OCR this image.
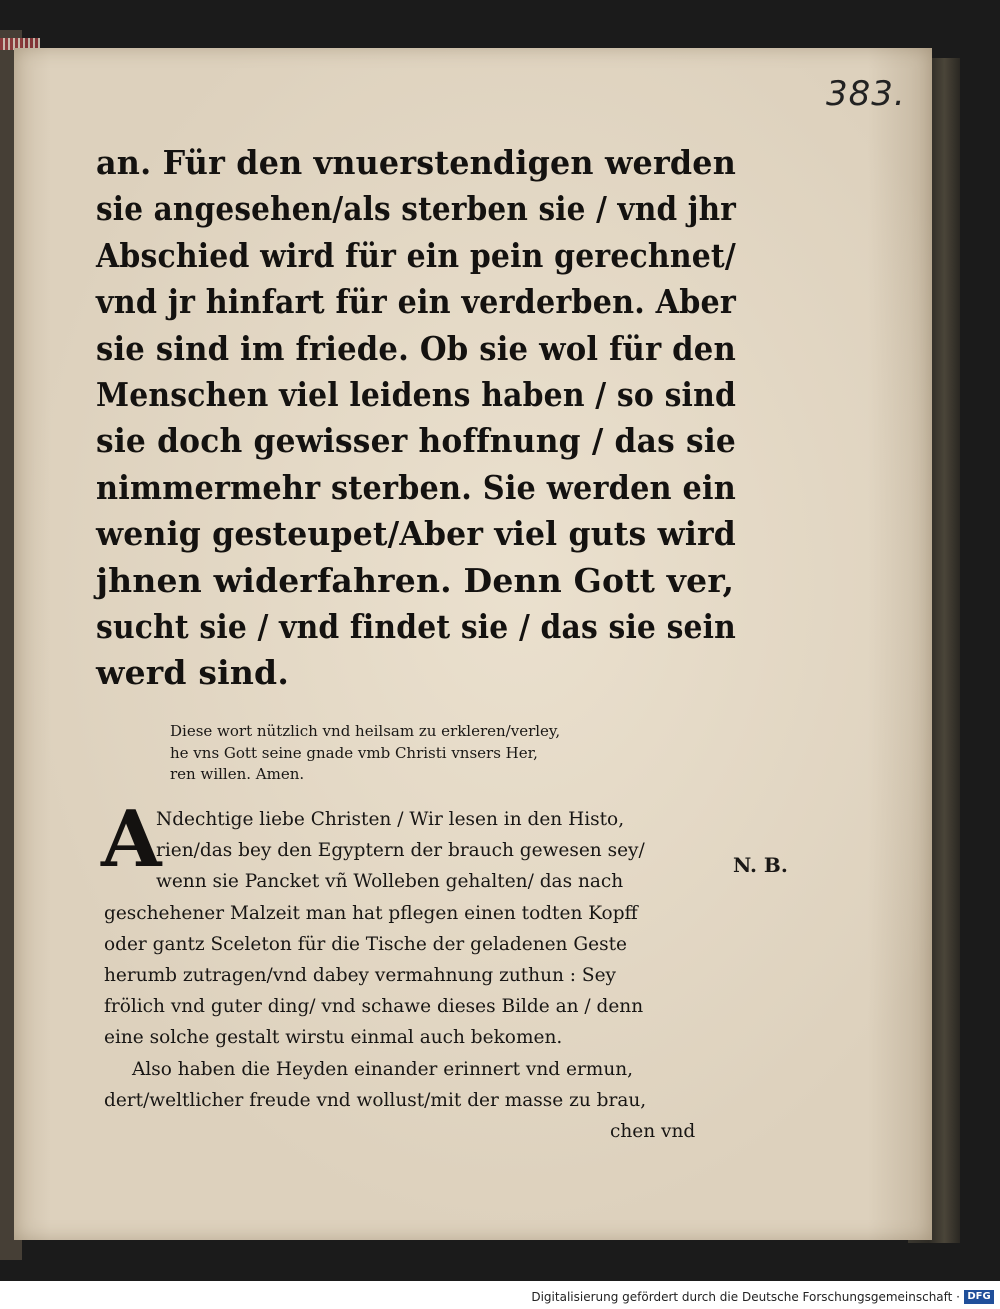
383.

an. Für den vnuerstendigen werden
sie angesehen/als sterben sie / vnd jhr
Abschied wird für ein pein gerechnet/
vnd jr hinfart für ein verderben. Aber
sie sind im friede. Ob sie wol für den
Menschen viel leidens haben / so sind
sie doch gewisser hoffnung / das sie
nimmermehr sterben. Sie werden ein
wenig gesteupet/Aber viel guts wird
jhnen widerfahren. Denn Gott ver,
sucht sie / vnd findet sie / das sie sein
werd sind.

Diese wort nützlich vnd heilsam zu erkleren/verley,
he vns Gott seine gnade vmb Christi vnsers Her,
ren willen. Amen.

A

Ndechtige liebe Christen / Wir lesen in den Histo,
rien/das bey den Egyptern der brauch gewesen sey/
wenn sie Pancket vñ Wolleben gehalten/ das nach
geschehener Malzeit man hat pflegen einen todten Kopff
oder gantz Sceleton für die Tische der geladenen Geste
herumb zutragen/vnd dabey vermahnung zuthun : Sey
frölich vnd guter ding/ vnd schawe dieses Bilde an / denn
eine solche gestalt wirstu einmal auch bekomen.
Also haben die Heyden einander erinnert vnd ermun,
dert/weltlicher freude vnd wollust/mit der masse zu brau,
chen vnd

N. B.
Digitalisierung gefördert durch die Deutsche Forschungsgemeinschaft · DFG
